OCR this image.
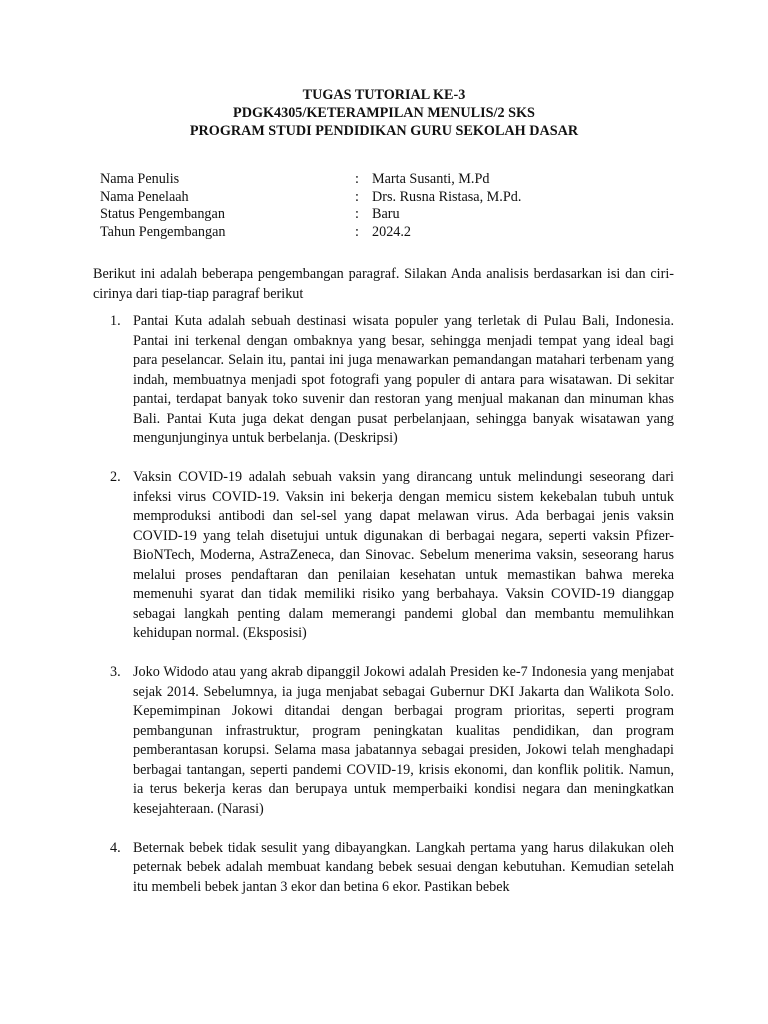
TUGAS TUTORIAL KE-3
PDGK4305/KETERAMPILAN MENULIS/2 SKS
PROGRAM STUDI PENDIDIKAN GURU SEKOLAH DASAR
Nama Penulis	: Marta Susanti, M.Pd
Nama Penelaah	: Drs. Rusna Ristasa, M.Pd.
Status Pengembangan	: Baru
Tahun Pengembangan	: 2024.2
Berikut ini adalah beberapa pengembangan paragraf. Silakan Anda analisis berdasarkan isi dan ciri-cirinya dari tiap-tiap paragraf berikut
1. Pantai Kuta adalah sebuah destinasi wisata populer yang terletak di Pulau Bali, Indonesia. Pantai ini terkenal dengan ombaknya yang besar, sehingga menjadi tempat yang ideal bagi para peselancar. Selain itu, pantai ini juga menawarkan pemandangan matahari terbenam yang indah, membuatnya menjadi spot fotografi yang populer di antara para wisatawan. Di sekitar pantai, terdapat banyak toko suvenir dan restoran yang menjual makanan dan minuman khas Bali. Pantai Kuta juga dekat dengan pusat perbelanjaan, sehingga banyak wisatawan yang mengunjunginya untuk berbelanja. (Deskripsi)
2. Vaksin COVID-19 adalah sebuah vaksin yang dirancang untuk melindungi seseorang dari infeksi virus COVID-19. Vaksin ini bekerja dengan memicu sistem kekebalan tubuh untuk memproduksi antibodi dan sel-sel yang dapat melawan virus. Ada berbagai jenis vaksin COVID-19 yang telah disetujui untuk digunakan di berbagai negara, seperti vaksin Pfizer-BioNTech, Moderna, AstraZeneca, dan Sinovac. Sebelum menerima vaksin, seseorang harus melalui proses pendaftaran dan penilaian kesehatan untuk memastikan bahwa mereka memenuhi syarat dan tidak memiliki risiko yang berbahaya. Vaksin COVID-19 dianggap sebagai langkah penting dalam memerangi pandemi global dan membantu memulihkan kehidupan normal. (Eksposisi)
3. Joko Widodo atau yang akrab dipanggil Jokowi adalah Presiden ke-7 Indonesia yang menjabat sejak 2014. Sebelumnya, ia juga menjabat sebagai Gubernur DKI Jakarta dan Walikota Solo. Kepemimpinan Jokowi ditandai dengan berbagai program prioritas, seperti program pembangunan infrastruktur, program peningkatan kualitas pendidikan, dan program pemberantasan korupsi. Selama masa jabatannya sebagai presiden, Jokowi telah menghadapi berbagai tantangan, seperti pandemi COVID-19, krisis ekonomi, dan konflik politik. Namun, ia terus bekerja keras dan berupaya untuk memperbaiki kondisi negara dan meningkatkan kesejahteraan. (Narasi)
4. Beternak bebek tidak sesulit yang dibayangkan. Langkah pertama yang harus dilakukan oleh peternak bebek adalah membuat kandang bebek sesuai dengan kebutuhan. Kemudian setelah itu membeli bebek jantan 3 ekor dan betina 6 ekor. Pastikan bebek
